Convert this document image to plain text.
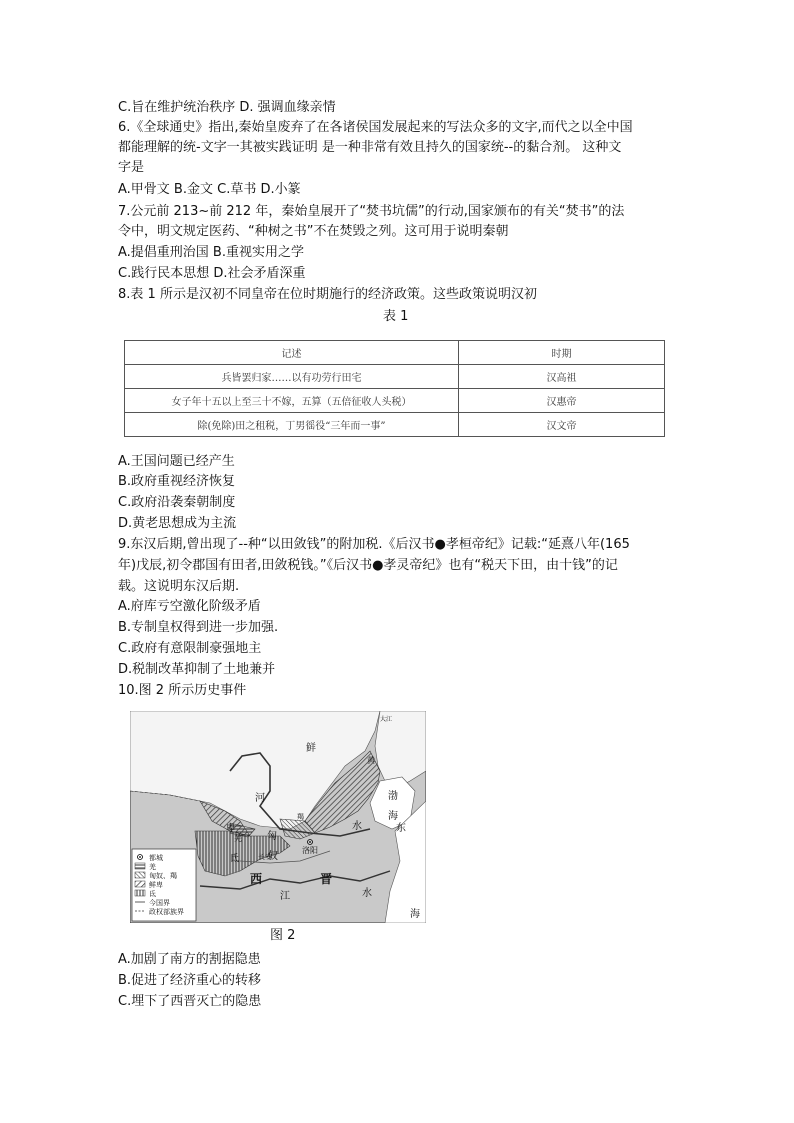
C.旨在维护统治秩序 D. 强调血缘亲情
6.《全球通史》指出,秦始皇废弃了在各诸侯国发展起来的写法众多的文字,而代之以全中国
都能理解的统-文字一其被实践证明 是一种非常有效且持久的国家统--的黏合剂。 这种文
字是
A.甲骨文 B.金文 C.草书 D.小篆
7.公元前 213~前 212 年，秦始皇展开了“焚书坑儒”的行动,国家颁布的有关“焚书”的法
令中，明文规定医药、“种树之书”不在焚毁之列。这可用于说明秦朝
A.提倡重刑治国 B.重视实用之学
C.践行民本思想 D.社会矛盾深重
8.表 1 所示是汉初不同皇帝在位时期施行的经济政策。这些政策说明汉初
表 1
记述	时期
兵皆罢归家……以有功劳行田宅	汉高祖
女子年十五以上至三十不嫁，五算（五倍征收人头税）	汉惠帝
除(免除)田之租税，丁男徭役“三年而一事”	汉文帝
A.王国问题已经产生
B.政府重视经济恢复
C.政府沿袭秦朝制度
D.黄老思想成为主流
9.东汉后期,曾出现了--种“以田敛钱”的附加税.《后汉书●孝桓帝纪》记载:“延熹八年(165
年)戊辰,初令郡国有田者,田敛税钱。”《后汉书●孝灵帝纪》也有“税天下田，由十钱”的记
载。这说明东汉后期.
A.府库亏空激化阶级矛盾
B.专制皇权得到进一步加强.
C.政府有意限制豪强地主
D.税制改革抑制了土地兼并
10.图 2 所示历史事件
都城
羌
匈奴、羯
鲜卑
氐
今国界
政权部族界
大江
鲜
河
卑
匈
奴
羯
黄
渤
海
水	东
羌
氐	长安
洛阳
西	晋
江	水
海
图 2
A.加剧了南方的割据隐患
B.促进了经济重心的转移
C.埋下了西晋灭亡的隐患
